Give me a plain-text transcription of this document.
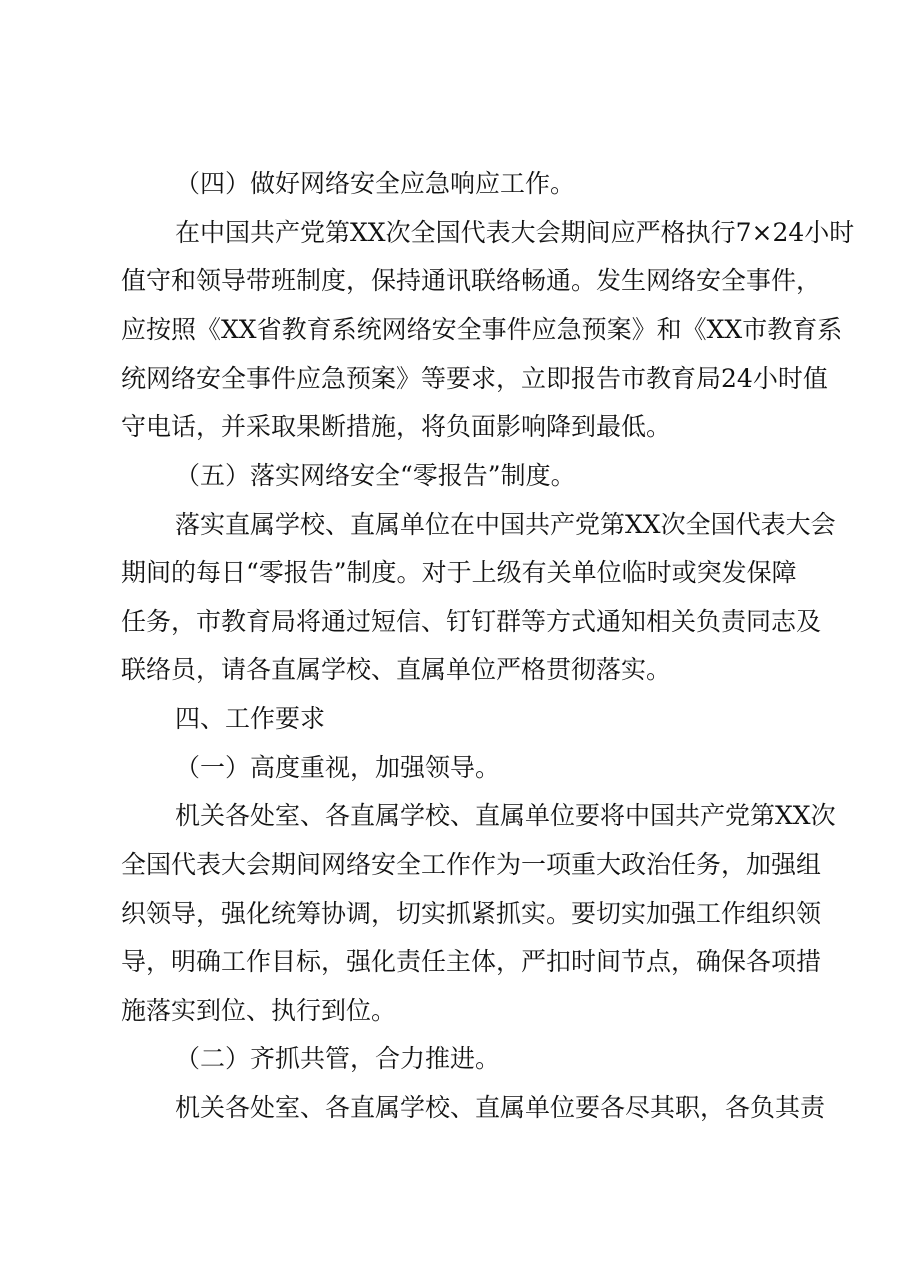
（四）做好网络安全应急响应工作。

在中国共产党第XX次全国代表大会期间应严格执行7×24小时

值守和领导带班制度，保持通讯联络畅通。发生网络安全事件，

应按照《XX省教育系统网络安全事件应急预案》和《XX市教育系

统网络安全事件应急预案》等要求，立即报告市教育局24小时值

守电话，并采取果断措施，将负面影响降到最低。

（五）落实网络安全“零报告”制度。

落实直属学校、直属单位在中国共产党第XX次全国代表大会

期间的每日“零报告”制度。对于上级有关单位临时或突发保障

任务，市教育局将通过短信、钉钉群等方式通知相关负责同志及

联络员，请各直属学校、直属单位严格贯彻落实。

四、工作要求

（一）高度重视，加强领导。

机关各处室、各直属学校、直属单位要将中国共产党第XX次

全国代表大会期间网络安全工作作为一项重大政治任务，加强组

织领导，强化统筹协调，切实抓紧抓实。要切实加强工作组织领

导，明确工作目标，强化责任主体，严扣时间节点，确保各项措

施落实到位、执行到位。

（二）齐抓共管，合力推进。

机关各处室、各直属学校、直属单位要各尽其职，各负其责
